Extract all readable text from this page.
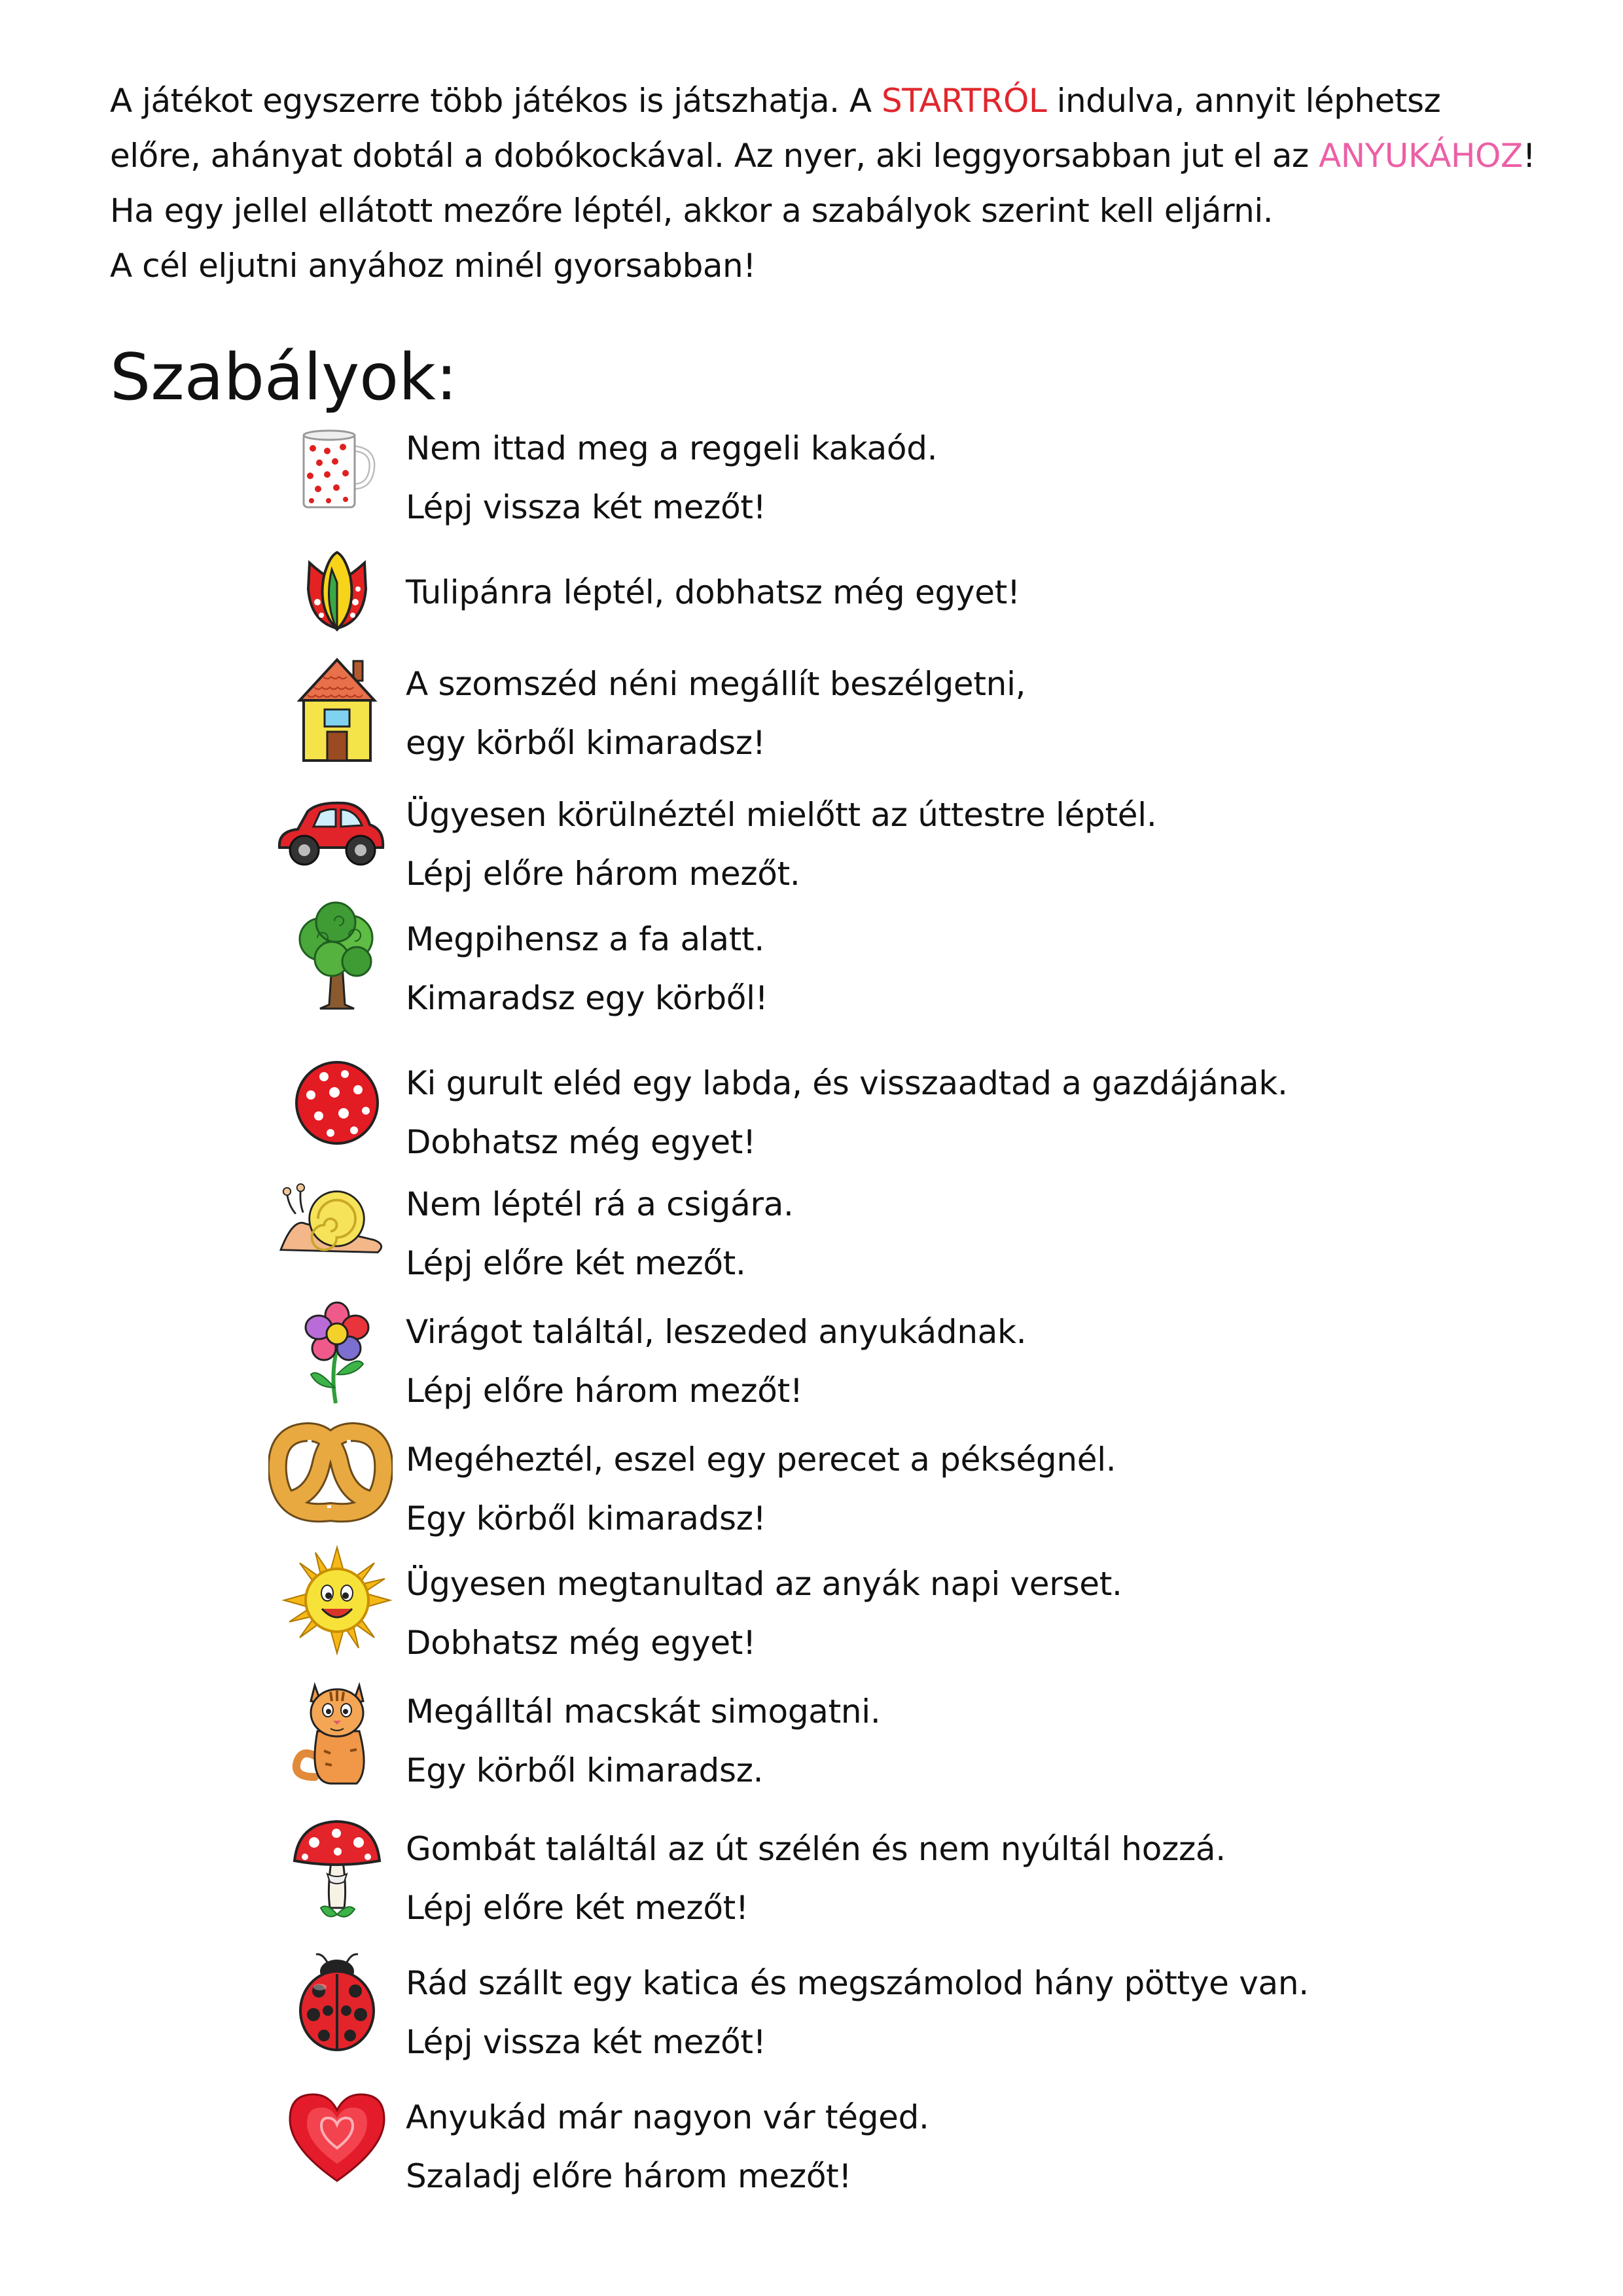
A játékot egyszerre több játékos is játszhatja. A STARTRÓL indulva, annyit léphetsz
előre, ahányat dobtál a dobókockával. Az nyer, aki leggyorsabban jut el az ANYUKÁHOZ!
Ha egy jellel ellátott mezőre léptél, akkor a szabályok szerint kell eljárni.
A cél eljutni anyához minél gyorsabban!
Szabályok:
Nem ittad meg a reggeli kakaód.
Lépj vissza két mezőt!
Tulipánra léptél, dobhatsz még egyet!
A szomszéd néni megállít beszélgetni,
egy körből kimaradsz!
Ügyesen körülnéztél mielőtt az úttestre léptél.
Lépj előre három mezőt.
Megpihensz a fa alatt.
Kimaradsz egy körből!
Ki gurult eléd egy labda, és visszaadtad a gazdájának.
Dobhatsz még egyet!
Nem léptél rá a csigára.
Lépj előre két mezőt.
Virágot találtál, leszeded anyukádnak.
Lépj előre három mezőt!
Megéheztél, eszel egy perecet a pékségnél.
Egy körből kimaradsz!
Ügyesen megtanultad az anyák napi verset.
Dobhatsz még egyet!
Megálltál macskát simogatni.
Egy körből kimaradsz.
Gombát találtál az út szélén és nem nyúltál hozzá.
Lépj előre két mezőt!
Rád szállt egy katica és megszámolod hány pöttye van.
Lépj vissza két mezőt!
Anyukád már nagyon vár téged.
Szaladj előre három mezőt!
